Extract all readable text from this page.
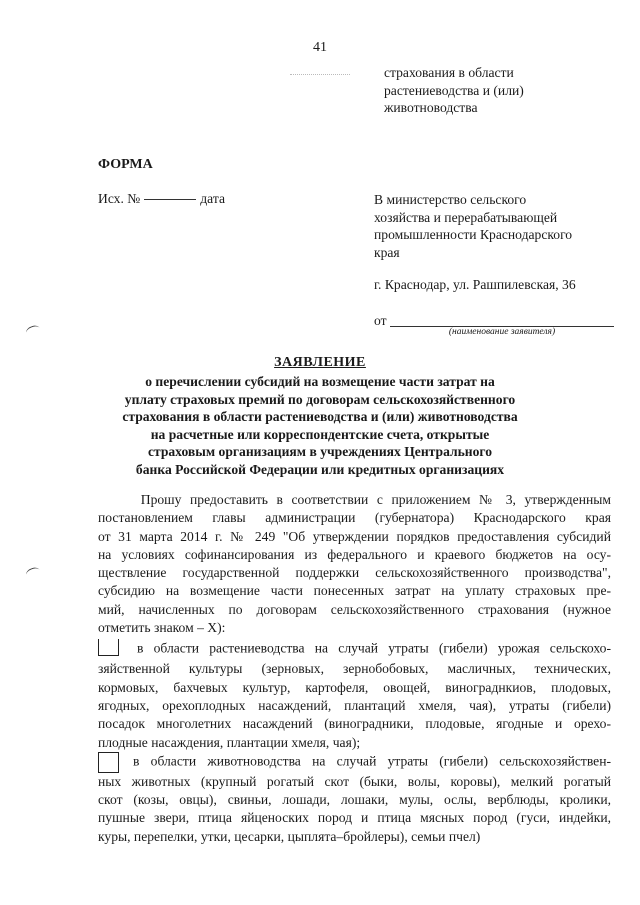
41
страхования в области
растениеводства и (или)
животноводства
ФОРМА
Исх. №	дата	В министерство сельского
хозяйства и перерабатывающей
промышленности Краснодарского
края
г. Краснодар, ул. Рашпилевская, 36
от
(наименование заявителя)
ЗАЯВЛЕНИЕ
о перечислении субсидий на возмещение части затрат на
уплату страховых премий по договорам сельскохозяйственного
страхования в области растениеводства и (или) животноводства
на расчетные или корреспондентские счета, открытые
страховым организациям в учреждениях Центрального
банка Российской Федерации или кредитных организациях
Прошу предоставить в соответствии с приложением № 3, утвержденным
постановлением главы администрации (губернатора) Краснодарского края
от 31 марта 2014 г. № 249 "Об утверждении порядков предоставления субсидий
на условиях софинансирования из федерального и краевого бюджетов на осу-
ществление государственной поддержки сельскохозяйственного производства",
субсидию на возмещение части понесенных затрат на уплату страховых пре-
мий, начисленных по договорам сельскохозяйственного страхования (нужное
отметить знаком – Х):
в области растениеводства на случай утраты (гибели) урожая сельскохо-
зяйственной культуры (зерновых, зернобобовых, масличных, технических,
кормовых, бахчевых культур, картофеля, овощей, винограднкиов, плодовых,
ягодных, орехоплодных насаждений, плантаций хмеля, чая), утраты (гибели)
посадок многолетних насаждений (виноградники, плодовые, ягодные и орехо-
плодные насаждения, плантации хмеля, чая);
в области животноводства на случай утраты (гибели) сельскохозяйствен-
ных животных (крупный рогатый скот (быки, волы, коровы), мелкий рогатый
скот (козы, овцы), свиньи, лошади, лошаки, мулы, ослы, верблюды, кролики,
пушные звери, птица яйценоских пород и птица мясных пород (гуси, индейки,
куры, перепелки, утки, цесарки, цыплята–бройлеры), семьи пчел)
